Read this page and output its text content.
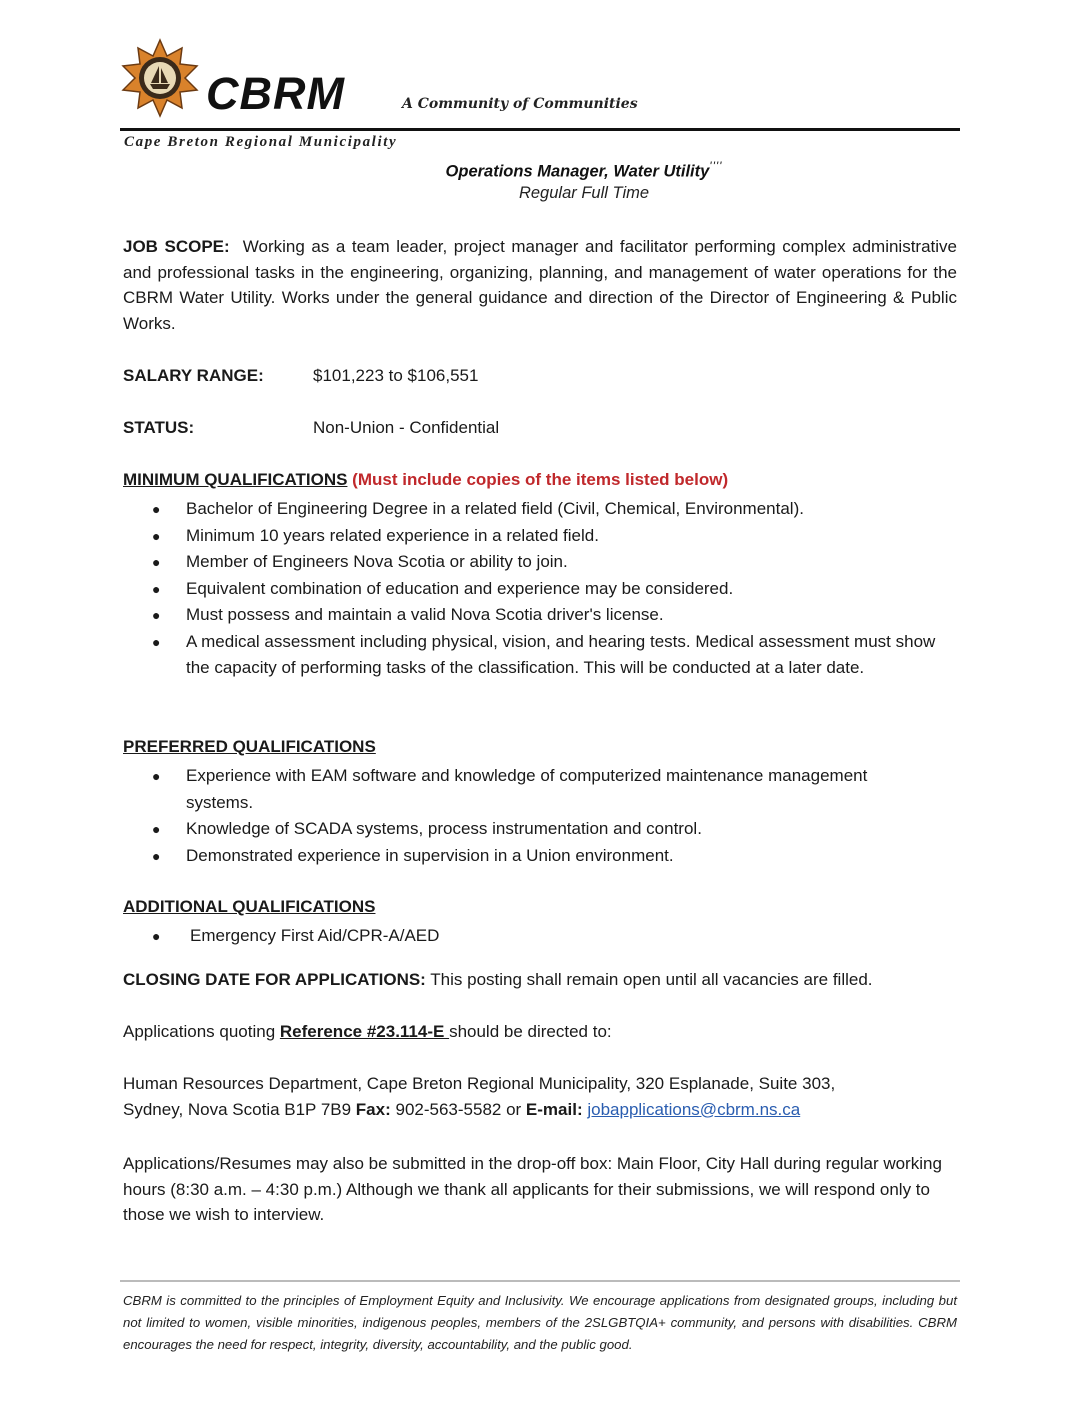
CBRM	A Community of Communities
Cape Breton Regional Municipality
Operations Manager, Water Utility''''
Regular Full Time
JOB SCOPE: Working as a team leader, project manager and facilitator performing complex administrative and professional tasks in the engineering, organizing, planning, and management of water operations for the CBRM Water Utility. Works under the general guidance and direction of the Director of Engineering & Public Works.
SALARY RANGE:	$101,223 to $106,551
STATUS:	Non-Union - Confidential
MINIMUM QUALIFICATIONS (Must include copies of the items listed below)
● Bachelor of Engineering Degree in a related field (Civil, Chemical, Environmental).
● Minimum 10 years related experience in a related field.
● Member of Engineers Nova Scotia or ability to join.
● Equivalent combination of education and experience may be considered.
● Must possess and maintain a valid Nova Scotia driver's license.
● A medical assessment including physical, vision, and hearing tests. Medical assessment must show the capacity of performing tasks of the classification. This will be conducted at a later date.
PREFERRED QUALIFICATIONS
● Experience with EAM software and knowledge of computerized maintenance management systems.
● Knowledge of SCADA systems, process instrumentation and control.
● Demonstrated experience in supervision in a Union environment.
ADDITIONAL QUALIFICATIONS
● Emergency First Aid/CPR-A/AED
CLOSING DATE FOR APPLICATIONS: This posting shall remain open until all vacancies are filled.
Applications quoting Reference #23.114-E should be directed to:
Human Resources Department, Cape Breton Regional Municipality, 320 Esplanade, Suite 303,
Sydney, Nova Scotia B1P 7B9 Fax: 902-563-5582 or E-mail: jobapplications@cbrm.ns.ca
Applications/Resumes may also be submitted in the drop-off box: Main Floor, City Hall during regular working hours (8:30 a.m. – 4:30 p.m.) Although we thank all applicants for their submissions, we will respond only to those we wish to interview.
CBRM is committed to the principles of Employment Equity and Inclusivity. We encourage applications from designated groups, including but not limited to women, visible minorities, indigenous peoples, members of the 2SLGBTQIA+ community, and persons with disabilities. CBRM encourages the need for respect, integrity, diversity, accountability, and the public good.
